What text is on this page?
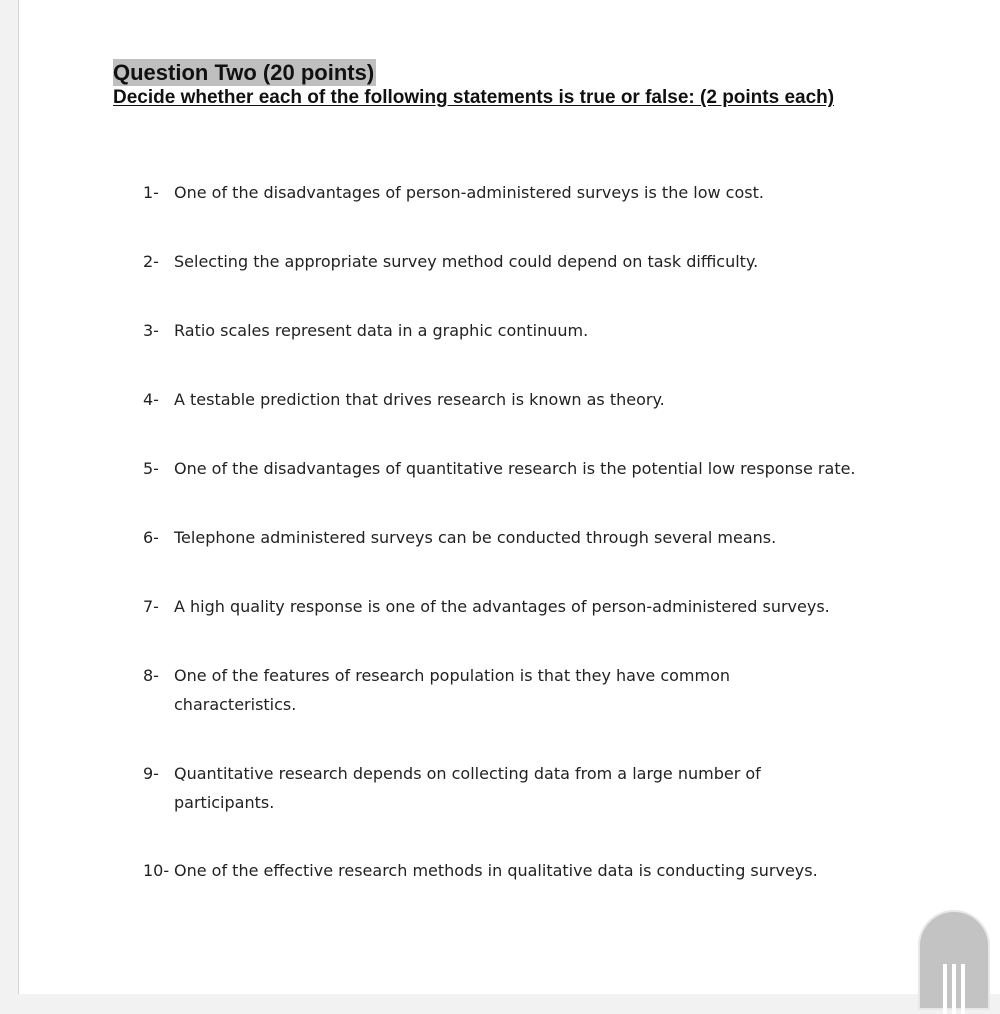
Question Two (20 points)

Decide whether each of the following statements is true or false: (2 points each)

1- One of the disadvantages of person-administered surveys is the low cost.
2- Selecting the appropriate survey method could depend on task difficulty.
3- Ratio scales represent data in a graphic continuum.
4- A testable prediction that drives research is known as theory.
5- One of the disadvantages of quantitative research is the potential low response rate.
6- Telephone administered surveys can be conducted through several means.
7- A high quality response is one of the advantages of person-administered surveys.
8- One of the features of research population is that they have common characteristics.
9- Quantitative research depends on collecting data from a large number of participants.
10- One of the effective research methods in qualitative data is conducting surveys.
